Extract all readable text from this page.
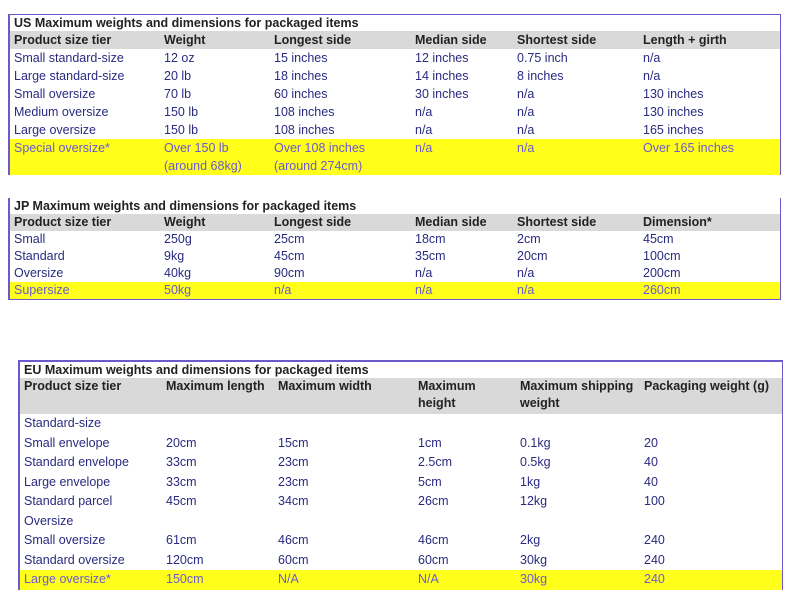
US Maximum weights and dimensions for packaged items
Product size tier	Weight	Longest side	Median side	Shortest side	Length + girth
Small standard-size	12 oz	15 inches	12 inches	0.75 inch	n/a
Large standard-size	20 lb	18 inches	14 inches	8 inches	n/a
Small oversize	70 lb	60 inches	30 inches	n/a	130 inches
Medium oversize	150 lb	108 inches	n/a	n/a	130 inches
Large oversize	150 lb	108 inches	n/a	n/a	165 inches
Special oversize*	Over 150 lb (around 68kg)	Over 108 inches (around 274cm)	n/a	n/a	Over 165 inches
JP Maximum weights and dimensions for packaged items
Product size tier	Weight	Longest side	Median side	Shortest side	Dimension*
Small	250g	25cm	18cm	2cm	45cm
Standard	9kg	45cm	35cm	20cm	100cm
Oversize	40kg	90cm	n/a	n/a	200cm
Supersize	50kg	n/a	n/a	n/a	260cm
EU Maximum weights and dimensions for packaged items
Product size tier	Maximum length	Maximum width	Maximum height	Maximum shipping weight	Packaging weight (g)
Standard-size					
Small envelope	20cm	15cm	1cm	0.1kg	20
Standard envelope	33cm	23cm	2.5cm	0.5kg	40
Large envelope	33cm	23cm	5cm	1kg	40
Standard parcel	45cm	34cm	26cm	12kg	100
Oversize					
Small oversize	61cm	46cm	46cm	2kg	240
Standard oversize	120cm	60cm	60cm	30kg	240
Large oversize*	150cm	N/A	N/A	30kg	240
